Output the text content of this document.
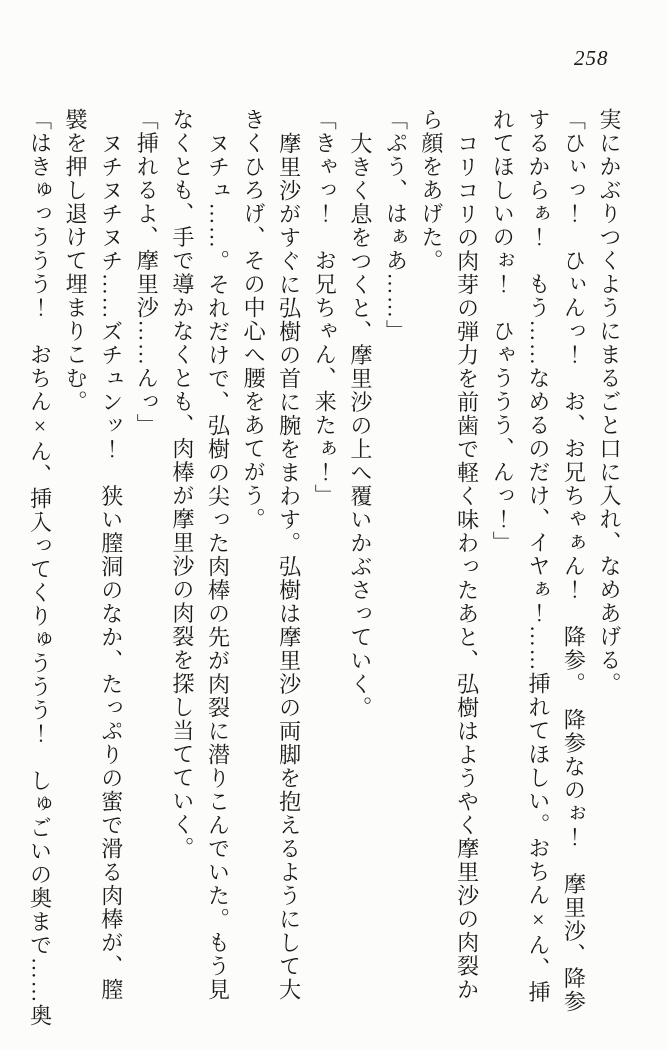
258

実にかぶりつくようにまるごと口に入れ、なめあげる。

「ひぃっ！　ひぃんっ！　お、お兄ちゃぁん！　降参。　降参なのぉ！　摩里沙、降参

するからぁ！　もう……なめるのだけ、イヤぁ！……挿れてほしい。おちん×ん、挿

れてほしいのぉ！　ひゃううう、んっ！」

コリコリの肉芽の弾力を前歯で軽く味わったあと、弘樹はようやく摩里沙の肉裂か

ら顔をあげた。

「ぷう、はぁあ……」

大きく息をつくと、摩里沙の上へ覆いかぶさっていく。

「きゃっ！　お兄ちゃん、来たぁ！」

摩里沙がすぐに弘樹の首に腕をまわす。弘樹は摩里沙の両脚を抱えるようにして大

きくひろげ、その中心へ腰をあてがう。

ヌチュ……。それだけで、弘樹の尖った肉棒の先が肉裂に潜りこんでいた。もう見

なくとも、手で導かなくとも、肉棒が摩里沙の肉裂を探し当てていく。

「挿れるよ、摩里沙……んっ」

ヌチヌチヌチ……ズチュンッ！　狭い膣洞のなか、たっぷりの蜜で滑る肉棒が、膣

襞を押し退けて埋まりこむ。

「はきゅっううう！　おちん×ん、挿入ってくりゅううう！　しゅごいの奥まで……奥
